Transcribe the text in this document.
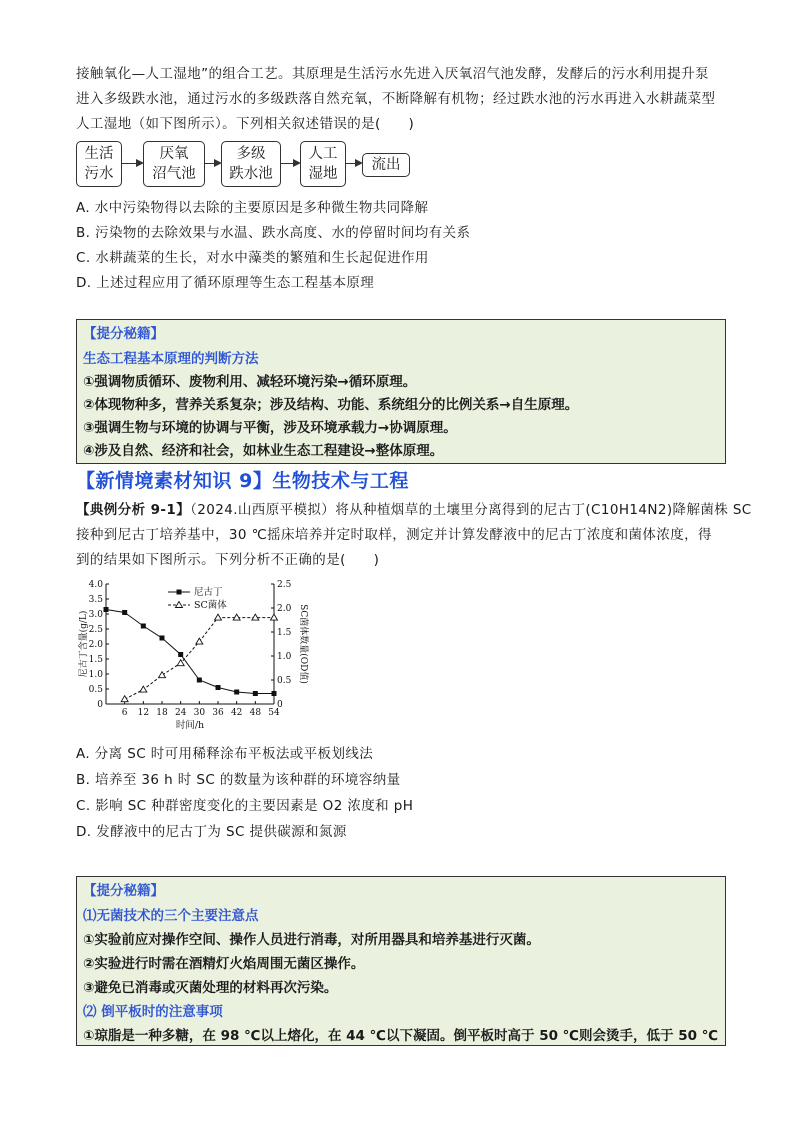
接触氧化—人工湿地”的组合工艺。其原理是生活污水先进入厌氧沼气池发酵，发酵后的污水利用提升泵
进入多级跌水池，通过污水的多级跌落自然充氧，不断降解有机物；经过跌水池的污水再进入水耕蔬菜型
人工湿地（如下图所示）。下列相关叙述错误的是(　　)
生活
污水
厌氧
沼气池
多级
跌水池
人工
湿地
流出
A. 水中污染物得以去除的主要原因是多种微生物共同降解
B. 污染物的去除效果与水温、跌水高度、水的停留时间均有关系
C. 水耕蔬菜的生长，对水中藻类的繁殖和生长起促进作用
D. 上述过程应用了循环原理等生态工程基本原理
【提分秘籍】
生态工程基本原理的判断方法
①强调物质循环、废物利用、减轻环境污染→循环原理。
②体现物种多，营养关系复杂；涉及结构、功能、系统组分的比例关系→自生原理。
③强调生物与环境的协调与平衡，涉及环境承载力→协调原理。
④涉及自然、经济和社会，如林业生态工程建设→整体原理。
【新情境素材知识 9】生物技术与工程
【典例分析 9-1】（2024.山西原平模拟）将从种植烟草的土壤里分离得到的尼古丁(C10H14N2)降解菌株 SC
接种到尼古丁培养基中，30 ℃摇床培养并定时取样，测定并计算发酵液中的尼古丁浓度和菌体浓度，得
到的结果如下图所示。下列分析不正确的是(　　)
0
0.5
1.0
1.5
2.0
2.5
3.0
3.5
4.0
0
0.5
1.0
1.5
2.0
2.5
6 12 18 24 30 36 42 48 54
时间/h
尼古丁含量(g/L)	SC菌体数量(OD值)
尼古丁
SC菌体
A. 分离 SC 时可用稀释涂布平板法或平板划线法
B. 培养至 36 h 时 SC 的数量为该种群的环境容纳量
C. 影响 SC 种群密度变化的主要因素是 O2 浓度和 pH
D. 发酵液中的尼古丁为 SC 提供碳源和氮源
【提分秘籍】
⑴无菌技术的三个主要注意点
①实验前应对操作空间、操作人员进行消毒，对所用器具和培养基进行灭菌。
②实验进行时需在酒精灯火焰周围无菌区操作。
③避免已消毒或灭菌处理的材料再次污染。
⑵ 倒平板时的注意事项
①琼脂是一种多糖，在 98 ℃以上熔化，在 44 ℃以下凝固。倒平板时高于 50 ℃则会烫手，低于 50 ℃
